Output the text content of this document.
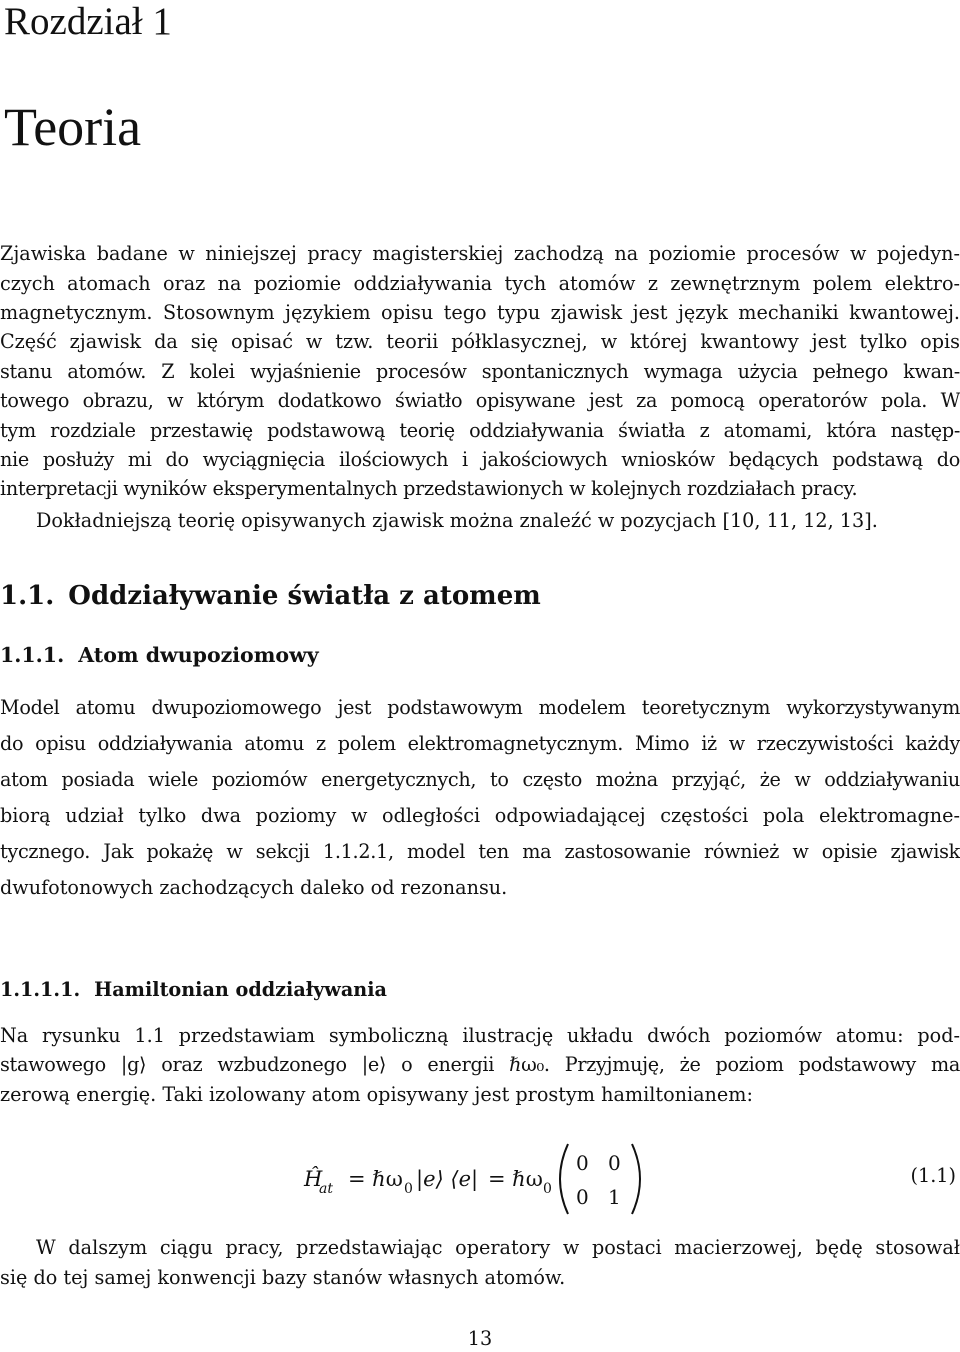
Rozdział 1
Teoria
Zjawiska badane w niniejszej pracy magisterskiej zachodzą na poziomie procesów w pojedyn-
czych atomach oraz na poziomie oddziaływania tych atomów z zewnętrznym polem elektro-
magnetycznym. Stosownym językiem opisu tego typu zjawisk jest język mechaniki kwantowej.
Część zjawisk da się opisać w tzw. teorii półklasycznej, w której kwantowy jest tylko opis
stanu atomów. Z kolei wyjaśnienie procesów spontanicznych wymaga użycia pełnego kwan-
towego obrazu, w którym dodatkowo światło opisywane jest za pomocą operatorów pola. W
tym rozdziale przestawię podstawową teorię oddziaływania światła z atomami, która następ-
nie posłuży mi do wyciągnięcia ilościowych i jakościowych wniosków będących podstawą do
interpretacji wyników eksperymentalnych przedstawionych w kolejnych rozdziałach pracy.
Dokładniejszą teorię opisywanych zjawisk można znaleźć w pozycjach [10, 11, 12, 13].
1.1. Oddziaływanie światła z atomem
1.1.1. Atom dwupoziomowy
Model atomu dwupoziomowego jest podstawowym modelem teoretycznym wykorzystywanym
do opisu oddziaływania atomu z polem elektromagnetycznym. Mimo iż w rzeczywistości każdy
atom posiada wiele poziomów energetycznych, to często można przyjąć, że w oddziaływaniu
biorą udział tylko dwa poziomy w odległości odpowiadającej częstości pola elektromagne-
tycznego. Jak pokażę w sekcji 1.1.2.1, model ten ma zastosowanie również w opisie zjawisk
dwufotonowych zachodzących daleko od rezonansu.
1.1.1.1. Hamiltonian oddziaływania
Na rysunku 1.1 przedstawiam symboliczną ilustrację układu dwóch poziomów atomu: pod-
stawowego |g⟩ oraz wzbudzonego |e⟩ o energii ℏω₀. Przyjmuję, że poziom podstawowy ma
zerową energię. Taki izolowany atom opisywany jest prostym hamiltonianem:
Ĥ
at = ℏω 0 |e⟩ ⟨e| = ℏω 0
0 0
0 1
(1.1)
W dalszym ciągu pracy, przedstawiając operatory w postaci macierzowej, będę stosował
się do tej samej konwencji bazy stanów własnych atomów.
13
